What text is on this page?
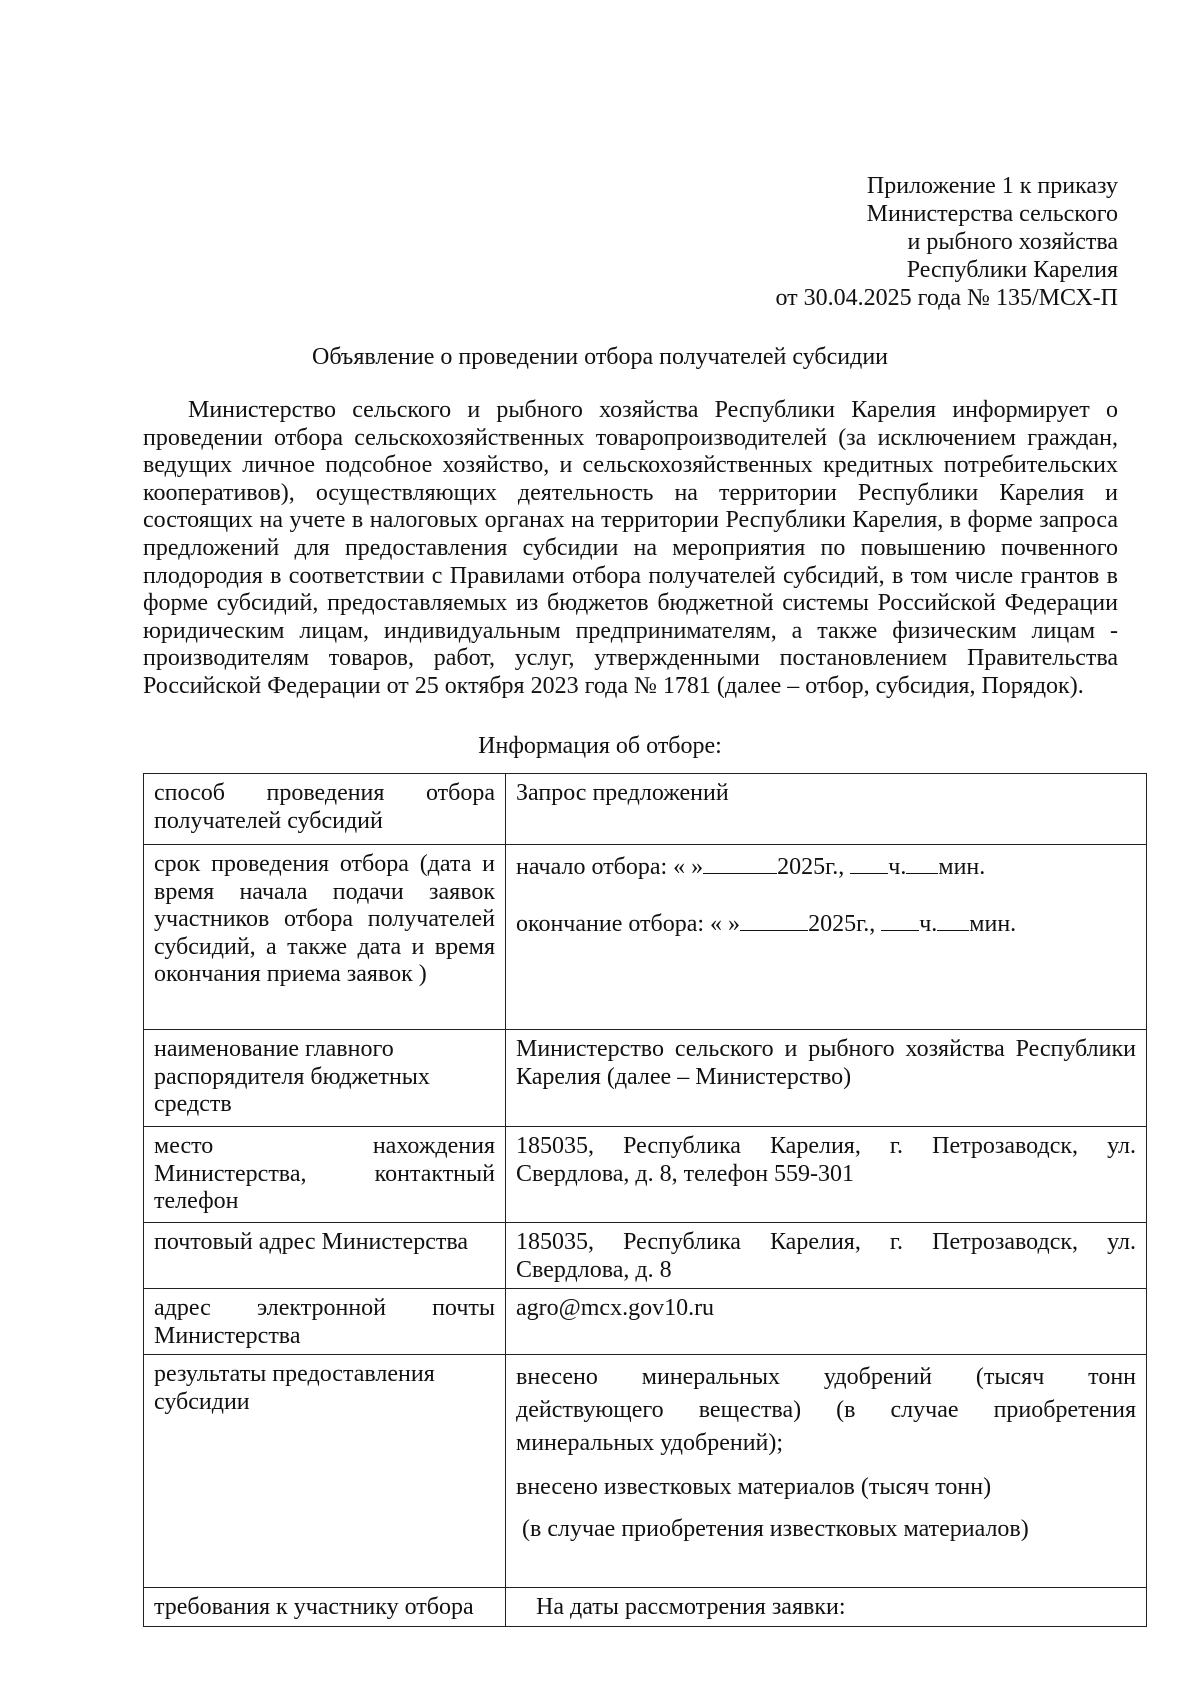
Приложение 1 к приказу
Министерства сельского
и рыбного хозяйства
Республики Карелия
от 30.04.2025 года № 135/МСХ-П
Объявление о проведении отбора получателей субсидии

Министерство сельского и рыбного хозяйства Республики Карелия информирует о проведении отбора сельскохозяйственных товаропроизводителей (за исключением граждан, ведущих личное подсобное хозяйство, и сельскохозяйственных кредитных потребительских кооперативов), осуществляющих деятельность на территории Республики Карелия и состоящих на учете в налоговых органах на территории Республики Карелия, в форме запроса предложений для предоставления субсидии на мероприятия по повышению почвенного плодородия в соответствии с Правилами отбора получателей субсидий, в том числе грантов в форме субсидий, предоставляемых из бюджетов бюджетной системы Российской Федерации юридическим лицам, индивидуальным предпринимателям, а также физическим лицам - производителям товаров, работ, услуг, утвержденными постановлением Правительства Российской Федерации от 25 октября 2023 года № 1781 (далее – отбор, субсидия, Порядок).

Информация об отборе:
способ проведения отбора получателей субсидий	Запрос предложений
срок проведения отбора (дата и время начала подачи заявок участников отбора получателей субсидий, а также дата и время окончания приема заявок )	начало отбора: « » 2025г., ч. мин.
окончание отбора: « » 2025г., ч. мин.

наименование главного распорядителя бюджетных средств	Министерство сельского и рыбного хозяйства Республики Карелия (далее – Министерство)
место нахождения Министерства, контактный телефон	185035, Республика Карелия, г. Петрозаводск, ул. Свердлова, д. 8, телефон 559-301
почтовый адрес Министерства	185035, Республика Карелия, г. Петрозаводск, ул. Свердлова, д. 8
адрес электронной почты Министерства	agro@mcx.gov10.ru
результаты предоставления субсидии	внесено минеральных удобрений (тысяч тонн действующего вещества) (в случае приобретения минеральных удобрений);
внесено известковых материалов (тысяч тонн)
(в случае приобретения известковых материалов)

требования к участнику отбора	На даты рассмотрения заявки:
